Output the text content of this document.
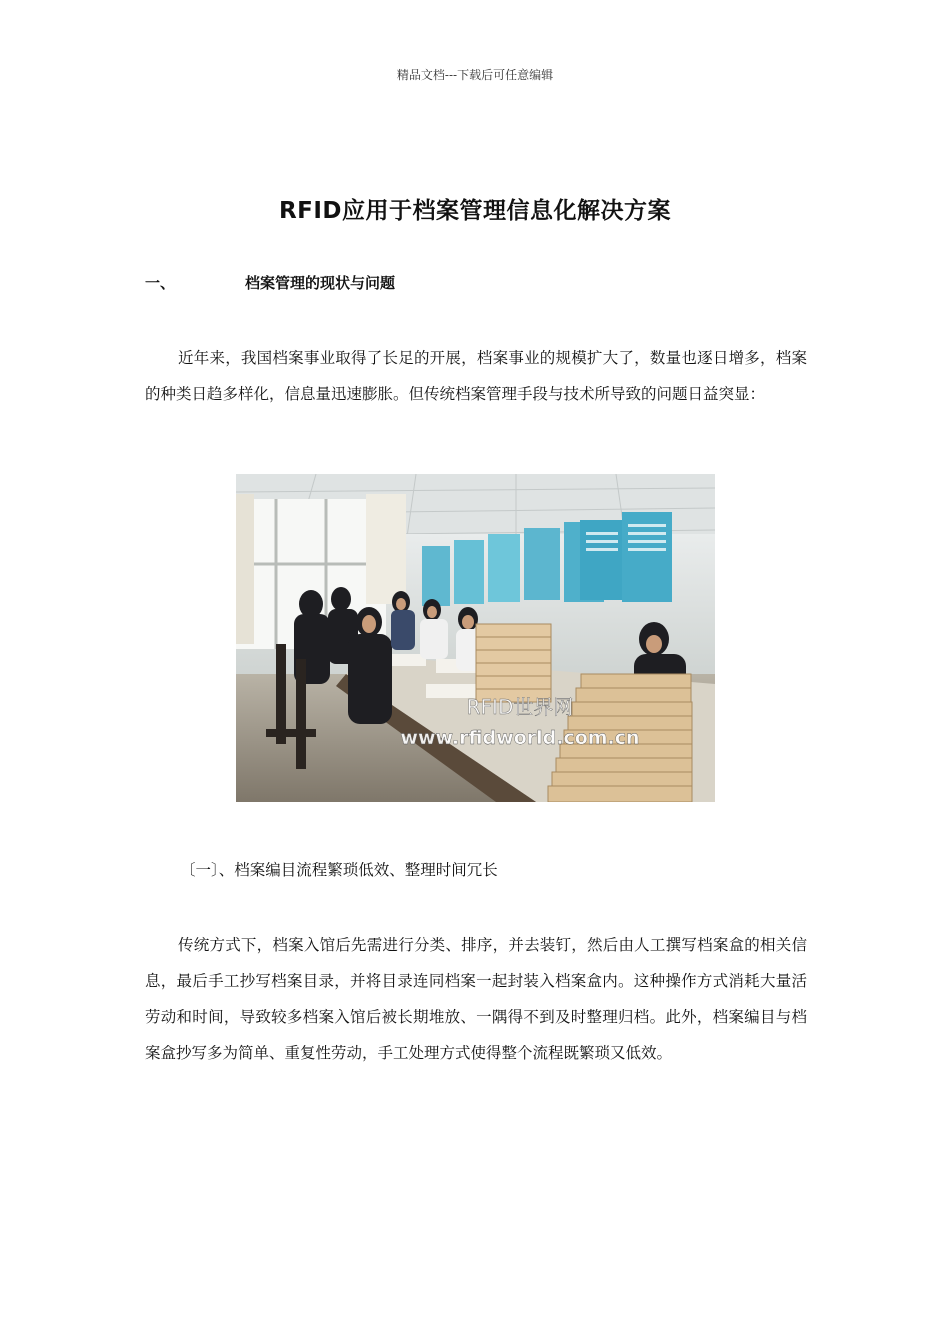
精品文档---下载后可任意编辑
RFID应用于档案管理信息化解决方案
一、	档案管理的现状与问题
近年来，我国档案事业取得了长足的开展，档案事业的规模扩大了，数量也逐日增多，档案的种类日趋多样化，信息量迅速膨胀。但传统档案管理手段与技术所导致的问题日益突显：
RFID世界网
www.rfidworld.com.cn
〔一〕、档案编目流程繁琐低效、整理时间冗长
传统方式下，档案入馆后先需进行分类、排序，并去装钉，然后由人工撰写档案盒的相关信息，最后手工抄写档案目录，并将目录连同档案一起封装入档案盒内。这种操作方式消耗大量活劳动和时间，导致较多档案入馆后被长期堆放、一隅得不到及时整理归档。此外，档案编目与档案盒抄写多为简单、重复性劳动，手工处理方式使得整个流程既繁琐又低效。
